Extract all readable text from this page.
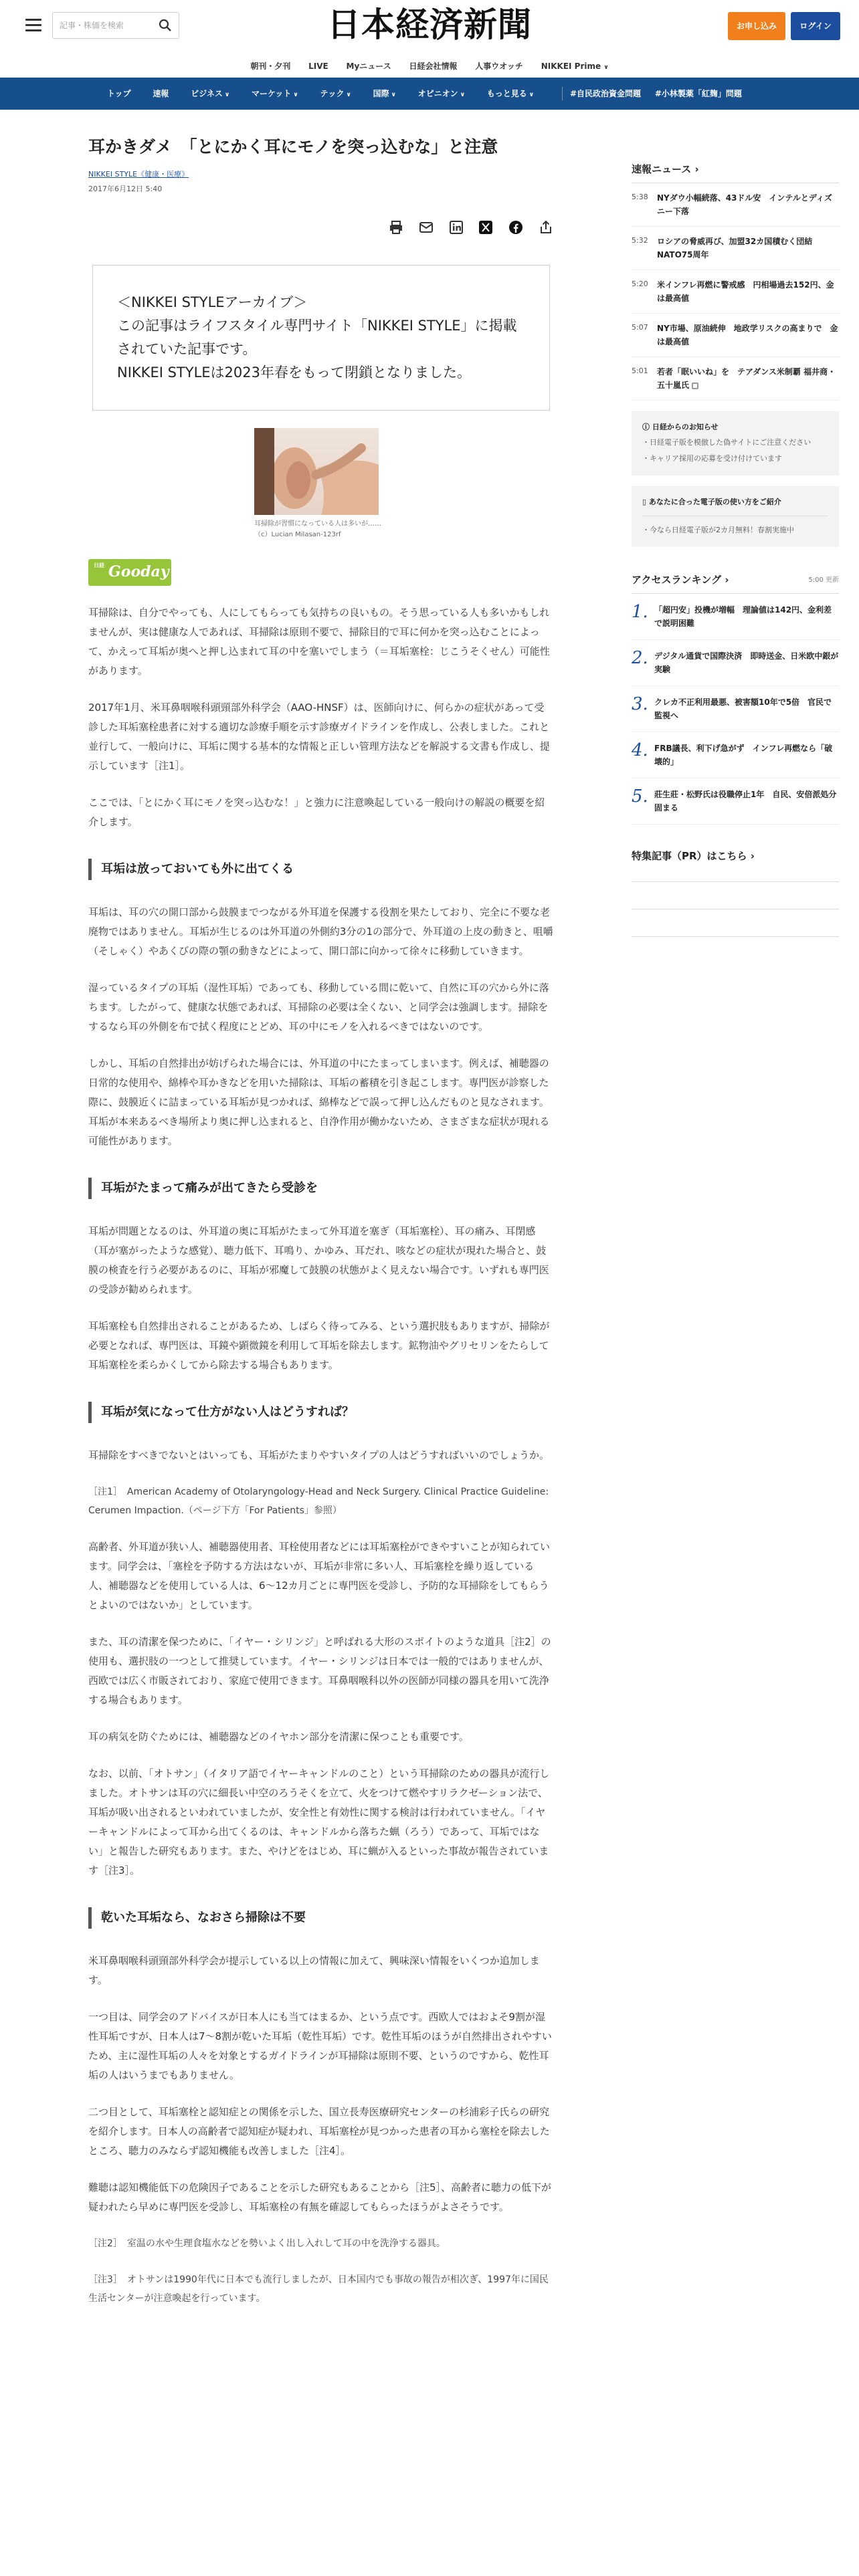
記事・株価を検索
日本経済新聞	お申し込み	ログイン
朝刊・夕刊 LIVE Myニュース 日経会社情報 人事ウオッチ NIKKEI Prime ∨
トップ	速報	ビジネス ∨	マーケット ∨	テック ∨	国際 ∨	オピニオン ∨	もっと見る ∨	#自民政治資金問題 #小林製薬「紅麹」問題
耳かきダメ　「とにかく耳にモノを突っ込むな」と注意
NIKKEI STYLE《健康・医療》
2017年6月12日 5:40

＜NIKKEI STYLEアーカイブ＞

この記事はライフスタイル専門サイト「NIKKEI STYLE」に掲載されていた記事です。

NIKKEI STYLEは2023年春をもって閉鎖となりました。

耳掃除が習慣になっている人は多いが……（c）Lucian Milasan-123rf
日経 Gooday

耳掃除は、自分でやっても、人にしてもらっても気持ちの良いもの。そう思っている人も多いかもしれませんが、実は健康な人であれば、耳掃除は原則不要で、掃除目的で耳に何かを突っ込むことによって、かえって耳垢が奥へと押し込まれて耳の中を塞いでしまう（＝耳垢塞栓：じこうそくせん）可能性があります。

2017年1月、米耳鼻咽喉科頭頸部外科学会（AAO-HNSF）は、医師向けに、何らかの症状があって受診した耳垢塞栓患者に対する適切な診療手順を示す診療ガイドラインを作成し、公表しました。これと並行して、一般向けに、耳垢に関する基本的な情報と正しい管理方法などを解説する文書も作成し、提示しています［注1］。

ここでは、「とにかく耳にモノを突っ込むな！」と強力に注意喚起している一般向けの解説の概要を紹介します。

耳垢は放っておいても外に出てくる

耳垢は、耳の穴の開口部から鼓膜までつながる外耳道を保護する役割を果たしており、完全に不要な老廃物ではありません。耳垢が生じるのは外耳道の外側約3分の1の部分で、外耳道の上皮の動きと、咀嚼（そしゃく）やあくびの際の顎の動きなどによって、開口部に向かって徐々に移動していきます。

湿っているタイプの耳垢（湿性耳垢）であっても、移動している間に乾いて、自然に耳の穴から外に落ちます。したがって、健康な状態であれば、耳掃除の必要は全くない、と同学会は強調します。掃除をするなら耳の外側を布で拭く程度にとどめ、耳の中にモノを入れるべきではないのです。

しかし、耳垢の自然排出が妨げられた場合には、外耳道の中にたまってしまいます。例えば、補聴器の日常的な使用や、綿棒や耳かきなどを用いた掃除は、耳垢の蓄積を引き起こします。専門医が診察した際に、鼓膜近くに詰まっている耳垢が見つかれば、綿棒などで誤って押し込んだものと見なされます。耳垢が本来あるべき場所より奥に押し込まれると、自浄作用が働かないため、さまざまな症状が現れる可能性があります。

耳垢がたまって痛みが出てきたら受診を

耳垢が問題となるのは、外耳道の奥に耳垢がたまって外耳道を塞ぎ（耳垢塞栓）、耳の痛み、耳閉感（耳が塞がったような感覚）、聴力低下、耳鳴り、かゆみ、耳だれ、咳などの症状が現れた場合と、鼓膜の検査を行う必要があるのに、耳垢が邪魔して鼓膜の状態がよく見えない場合です。いずれも専門医の受診が勧められます。

耳垢塞栓も自然排出されることがあるため、しばらく待ってみる、という選択肢もありますが、掃除が必要となれば、専門医は、耳鏡や顕微鏡を利用して耳垢を除去します。鉱物油やグリセリンをたらして耳垢塞栓を柔らかくしてから除去する場合もあります。

耳垢が気になって仕方がない人はどうすれば？

耳掃除をすべきでないとはいっても、耳垢がたまりやすいタイプの人はどうすればいいのでしょうか。

［注1］　American Academy of Otolaryngology-Head and Neck Surgery. Clinical Practice Guideline: Cerumen Impaction.（ページ下方「For Patients」参照）

高齢者、外耳道が狭い人、補聴器使用者、耳栓使用者などには耳垢塞栓ができやすいことが知られています。同学会は、「塞栓を予防する方法はないが、耳垢が非常に多い人、耳垢塞栓を繰り返している人、補聴器などを使用している人は、6〜12カ月ごとに専門医を受診し、予防的な耳掃除をしてもらうとよいのではないか」としています。

また、耳の清潔を保つために、「イヤー・シリンジ」と呼ばれる大形のスポイトのような道具［注2］の使用も、選択肢の一つとして推奨しています。イヤー・シリンジは日本では一般的ではありませんが、西欧では広く市販されており、家庭で使用できます。耳鼻咽喉科以外の医師が同様の器具を用いて洗浄する場合もあります。

耳の病気を防ぐためには、補聴器などのイヤホン部分を清潔に保つことも重要です。

なお、以前、「オトサン」（イタリア語でイヤーキャンドルのこと）という耳掃除のための器具が流行しました。オトサンは耳の穴に細長い中空のろうそくを立て、火をつけて燃やすリラクゼーション法で、耳垢が吸い出されるといわれていましたが、安全性と有効性に関する検討は行われていません。「イヤーキャンドルによって耳から出てくるのは、キャンドルから落ちた蝋（ろう）であって、耳垢ではない」と報告した研究もあります。また、やけどをはじめ、耳に蝋が入るといった事故が報告されています［注3］。

乾いた耳垢なら、なおさら掃除は不要

米耳鼻咽喉科頭頸部外科学会が提示している以上の情報に加えて、興味深い情報をいくつか追加します。

一つ目は、同学会のアドバイスが日本人にも当てはまるか、という点です。西欧人ではおよそ9割が湿性耳垢ですが、日本人は7〜8割が乾いた耳垢（乾性耳垢）です。乾性耳垢のほうが自然排出されやすいため、主に湿性耳垢の人々を対象とするガイドラインが耳掃除は原則不要、というのですから、乾性耳垢の人はいうまでもありません。

二つ目として、耳垢塞栓と認知症との関係を示した、国立長寿医療研究センターの杉浦彩子氏らの研究を紹介します。日本人の高齢者で認知症が疑われ、耳垢塞栓が見つかった患者の耳から塞栓を除去したところ、聴力のみならず認知機能も改善しました［注4］。

難聴は認知機能低下の危険因子であることを示した研究もあることから［注5］、高齢者に聴力の低下が疑われたら早めに専門医を受診し、耳垢塞栓の有無を確認してもらったほうがよさそうです。

［注2］　室温の水や生理食塩水などを勢いよく出し入れして耳の中を洗浄する器具。

［注3］　オトサンは1990年代に日本でも流行しましたが、日本国内でも事故の報告が相次ぎ、1997年に国民生活センターが注意喚起を行っています。

速報ニュース ›
5:38	NYダウ小幅続落、43ドル安　インテルとディズニー下落
5:32	ロシアの脅威再び、加盟32カ国積むく団結　NATO75周年
5:20	米インフレ再燃に警戒感　円相場過去152円、金は最高値
5:07	NY市場、原油続伸　地政学リスクの高まりで　金は最高値
5:01	若者「眠いいね」を　テアダンス米制覇 福井商・五十嵐氏
ⓘ 日経からのお知らせ
・日経電子版を模倣した偽サイトにご注意ください
・キャリア採用の応募を受け付けています
▯ あなたに合った電子版の使い方をご紹介
・今なら日経電子版が2カ月無料！春割実施中
アクセスランキング ›	5:00 更新
1. 「超円安」投機が増幅　理論値は142円、金利差で説明困難
2. デジタル通貨で国際決済　即時送金、日米欧中銀が実験
3. クレカ不正利用最悪、被害額10年で5倍　官民で監視へ
4. FRB議長、利下げ急がず　インフレ再燃なら「破壊的」
5. 莊生莊・松野氏は役職停止1年　自民、安倍派処分固まる
特集記事（PR）はこちら ›
